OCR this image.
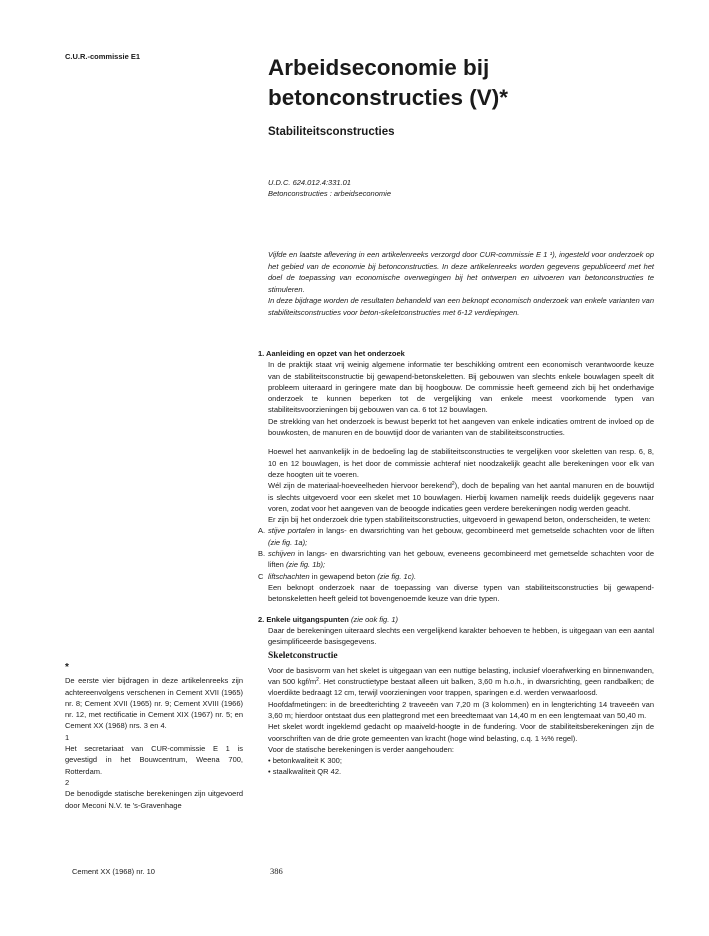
C.U.R.-commissie E1	Arbeidseconomie bij
betonconstructies (V)*
Stabiliteitsconstructies
U.D.C. 624.012.4:331.01
Betonconstructies : arbeidseconomie

Vijfde en laatste aflevering in een artikelenreeks verzorgd door CUR-commissie E 1 ¹), ingesteld voor onderzoek op het gebied van de economie bij betonconstructies. In deze artikelenreeks worden gegevens gepubliceerd met het doel de toepassing van economische overwegingen bij het ontwerpen en uitvoeren van betonconstructies te stimuleren.

In deze bijdrage worden de resultaten behandeld van een beknopt economisch onderzoek van enkele varianten van stabiliteitsconstructies voor beton-skeletconstructies met 6-12 verdiepingen.

1. Aanleiding en opzet van het onderzoek

In de praktijk staat vrij weinig algemene informatie ter beschikking omtrent een economisch verantwoorde keuze van de stabiliteitsconstructie bij gewapend-betonskeletten. Bij gebouwen van slechts enkele bouwlagen speelt dit probleem uiteraard in geringere mate dan bij hoogbouw. De commissie heeft gemeend zich bij het onderhavige onderzoek te kunnen beperken tot de vergelijking van enkele meest voorkomende typen van stabiliteitsvoorzieningen bij gebouwen van ca. 6 tot 12 bouwlagen.

De strekking van het onderzoek is bewust beperkt tot het aangeven van enkele indicaties omtrent de invloed op de bouwkosten, de manuren en de bouwtijd door de varianten van de stabiliteitsconstructies.

Hoewel het aanvankelijk in de bedoeling lag de stabiliteitsconstructies te vergelijken voor skeletten van resp. 6, 8, 10 en 12 bouwlagen, is het door de commissie achteraf niet noodzakelijk geacht alle berekeningen voor elk van deze hoogten uit te voeren.

Wél zijn de materiaal-hoeveelheden hiervoor berekend$^2$), doch de bepaling van het aantal manuren en de bouwtijd is slechts uitgevoerd voor een skelet met 10 bouwlagen. Hierbij kwamen namelijk reeds duidelijk gegevens naar voren, zodat voor het aangeven van de beoogde indicaties geen verdere berekeningen nodig werden geacht.

Er zijn bij het onderzoek drie typen stabiliteitsconstructies, uitgevoerd in gewapend beton, onderscheiden, te weten:

A. stijve portalen in langs- en dwarsrichting van het gebouw, gecombineerd met gemetselde schachten voor de liften (zie fig. 1a);

B. schijven in langs- en dwarsrichting van het gebouw, eveneens gecombineerd met gemetselde schachten voor de liften (zie fig. 1b);

C liftschachten in gewapend beton (zie fig. 1c).

Een beknopt onderzoek naar de toepassing van diverse typen van stabiliteitsconstructies bij gewapend-betonskeletten heeft geleid tot bovengenoemde keuze van drie typen.

2. Enkele uitgangspunten (zie ook fig. 1)

Daar de berekeningen uiteraard slechts een vergelijkend karakter behoeven te hebben, is uitgegaan van een aantal gesimplificeerde basisgegevens.

Skeletconstructie

Voor de basisvorm van het skelet is uitgegaan van een nuttige belasting, inclusief vloerafwerking en binnenwanden, van 500 kgf/$m^2$. Het constructietype bestaat alleen uit balken, 3,60 m h.o.h., in dwarsrichting, geen randbalken; de vloerdikte bedraagt 12 cm, terwijl voorzieningen voor trappen, sparingen e.d. werden verwaarloosd.

Hoofdafmetingen: in de breedterichting 2 traveeën van 7,20 m (3 kolommen) en in lengterichting 14 traveeën van 3,60 m; hierdoor ontstaat dus een plattegrond met een breedtemaat van 14,40 m en een lengtemaat van 50,40 m.

Het skelet wordt ingeklemd gedacht op maaiveld-hoogte in de fundering. Voor de stabiliteitsberekeningen zijn de voorschriften van de drie grote gemeenten van kracht (hoge wind belasting, c.q. 1 ½% regel).

Voor de statische berekeningen is verder aangehouden:

• betonkwaliteit K 300;

• staalkwaliteit QR 42.

*

De eerste vier bijdragen in deze artikelenreeks zijn achtereenvolgens verschenen in Cement XVII (1965) nr. 8; Cement XVII (1965) nr. 9; Cement XVIII (1966) nr. 12, met rectificatie in Cement XIX (1967) nr. 5; en Cement XX (1968) nrs. 3 en 4.

1

Het secretariaat van CUR-commissie E 1 is gevestigd in het Bouwcentrum, Weena 700, Rotterdam.

2

De benodigde statische berekeningen zijn uitgevoerd door Meconi N.V. te 's-Gravenhage

Cement XX (1968) nr. 10	386
